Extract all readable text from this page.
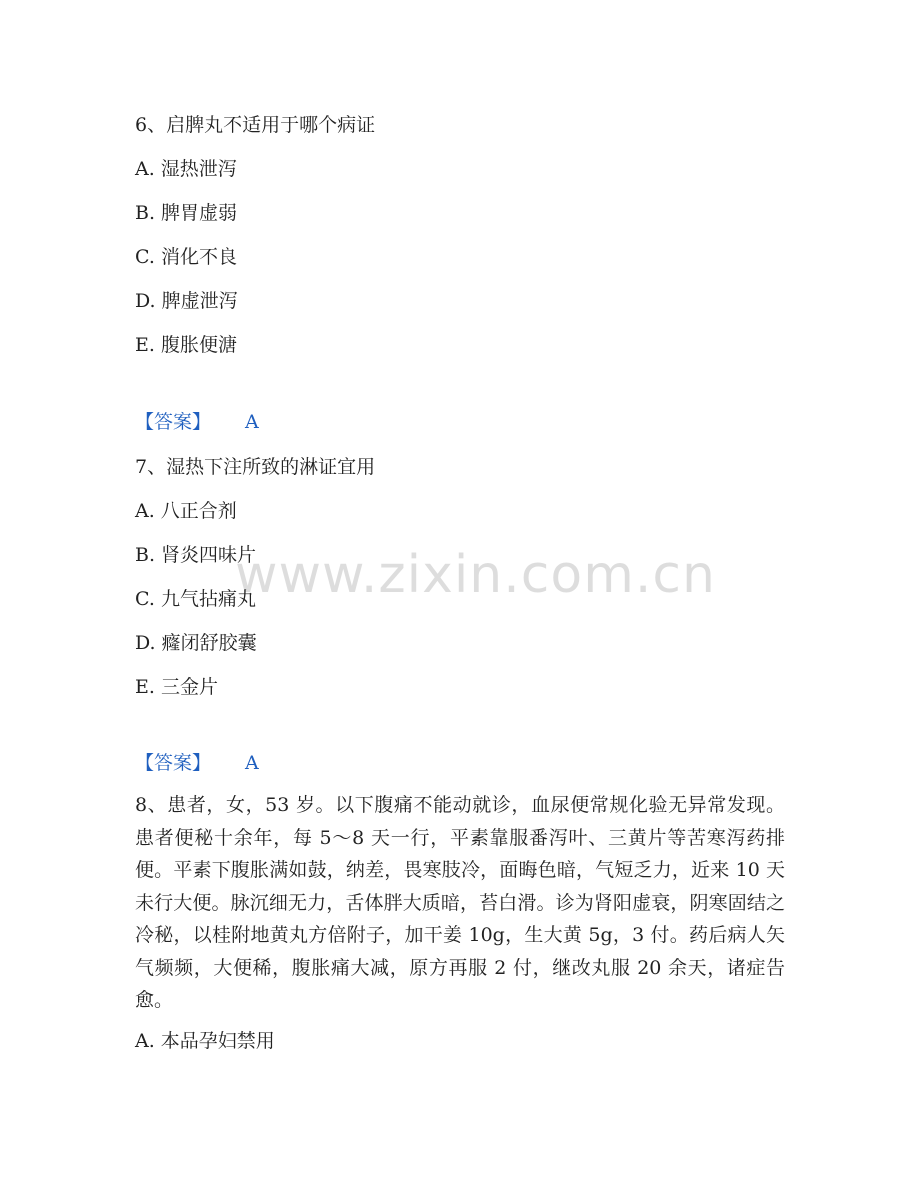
www.zixin.com.cn
6、启脾丸不适用于哪个病证
A. 湿热泄泻
B. 脾胃虚弱
C. 消化不良
D. 脾虚泄泻
E. 腹胀便溏
【答案】 A
7、湿热下注所致的淋证宜用
A. 八正合剂
B. 肾炎四味片
C. 九气拈痛丸
D. 癃闭舒胶囊
E. 三金片
【答案】 A
8、患者，女，53 岁。以下腹痛不能动就诊，血尿便常规化验无异常发现。患者便秘十余年，每 5～8 天一行，平素靠服番泻叶、三黄片等苦寒泻药排便。平素下腹胀满如鼓，纳差，畏寒肢冷，面晦色暗，气短乏力，近来 10 天未行大便。脉沉细无力，舌体胖大质暗，苔白滑。诊为肾阳虚衰，阴寒固结之冷秘，以桂附地黄丸方倍附子，加干姜 10g，生大黄 5g，3 付。药后病人矢气频频，大便稀，腹胀痛大减，原方再服 2 付，继改丸服 20 余天，诸症告愈。
A. 本品孕妇禁用
